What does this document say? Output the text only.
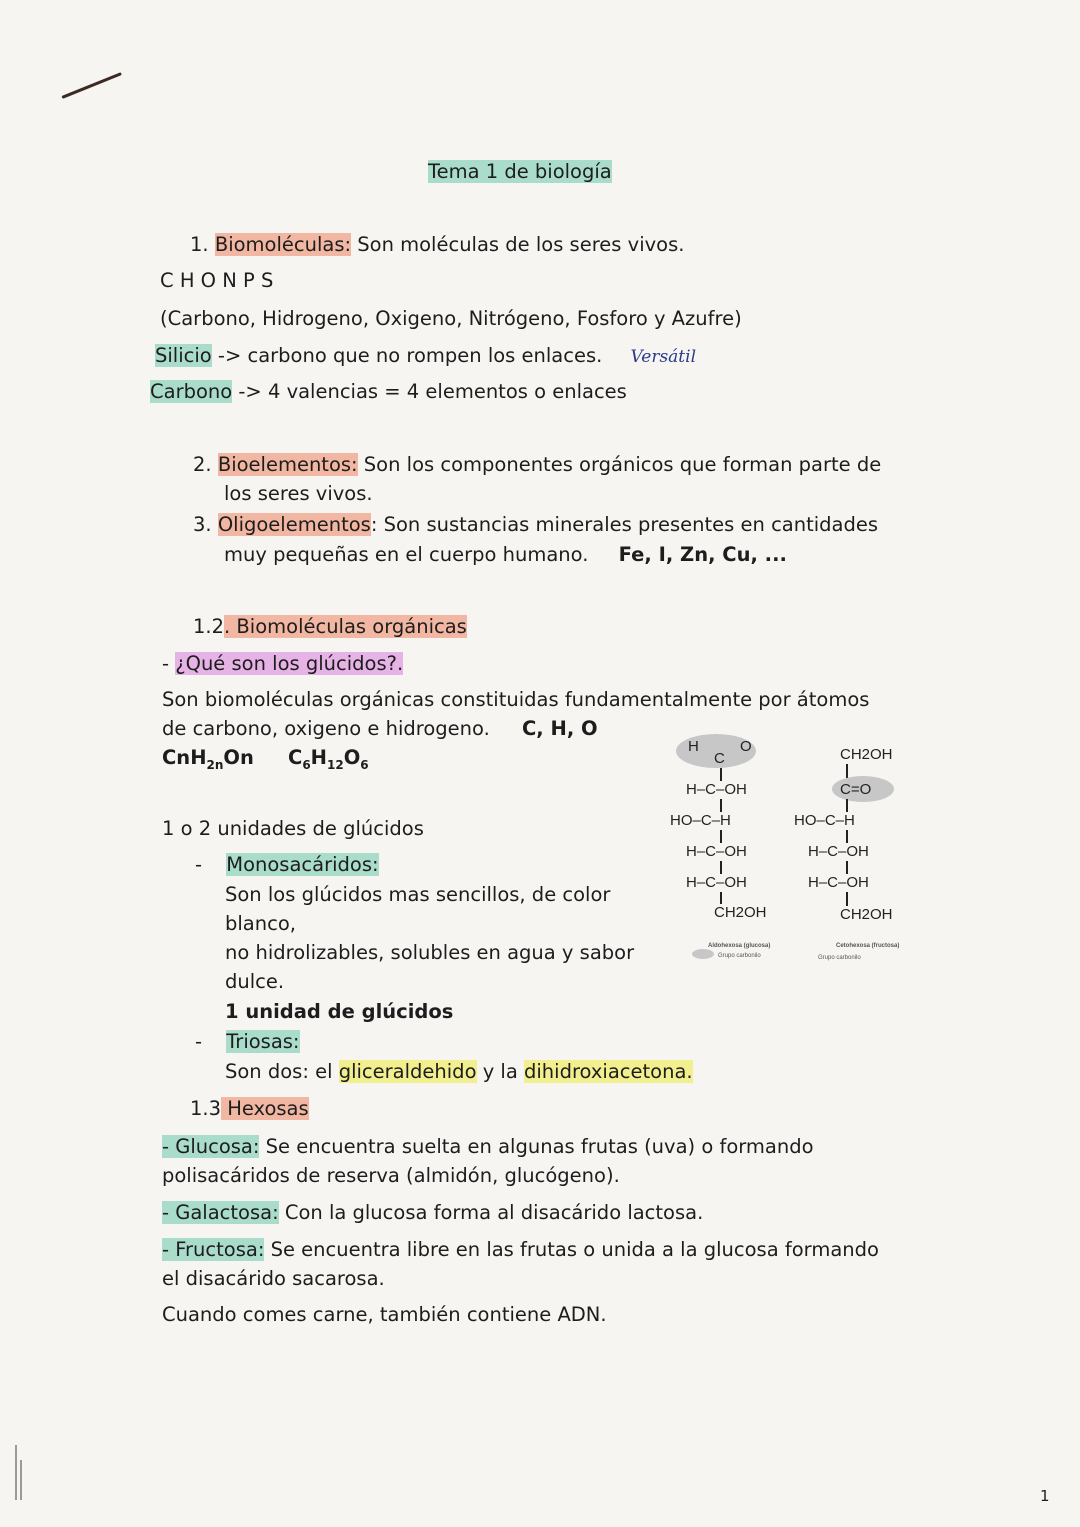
Tema 1 de biología
1. Biomoléculas: Son moléculas de los seres vivos.
C H O N P S
(Carbono, Hidrogeno, Oxigeno, Nitrógeno, Fosforo y Azufre)
Silicio -> carbono que no rompen los enlaces. Versátil
Carbono -> 4 valencias = 4 elementos o enlaces
2. Bioelementos: Son los componentes orgánicos que forman parte de
los seres vivos.
3. Oligoelementos: Son sustancias minerales presentes en cantidades
muy pequeñas en el cuerpo humano. Fe, I, Zn, Cu, ...
1.2. Biomoléculas orgánicas
- ¿Qué son los glúcidos?.
Son biomoléculas orgánicas constituidas fundamentalmente por átomos
de carbono, oxigeno e hidrogeno. C, H, O
CnH$_{2n}$On $C_6H_{12}O_6$
1 o 2 unidades de glúcidos
- Monosacáridos:
Son los glúcidos mas sencillos, de color
blanco,
no hidrolizables, solubles en agua y sabor
dulce.
1 unidad de glúcidos
- Triosas:
Son dos: el gliceraldehido y la dihidroxiacetona.
1.3 Hexosas
- Glucosa: Se encuentra suelta en algunas frutas (uva) o formando
polisacáridos de reserva (almidón, glucógeno).
- Galactosa: Con la glucosa forma al disacárido lactosa.
- Fructosa: Se encuentra libre en las frutas o unida a la glucosa formando
el disacárido sacarosa.
Cuando comes carne, también contiene ADN.
1
H
C
O
H–C–OH
HO–C–H
H–C–OH
H–C–OH
CH2OH
Aldohexosa (glucosa)
Grupo carbonilo
CH2OH
C=O
HO–C–H
H–C–OH
H–C–OH
CH2OH
Cetohexosa (fructosa)
Grupo carbonilo
